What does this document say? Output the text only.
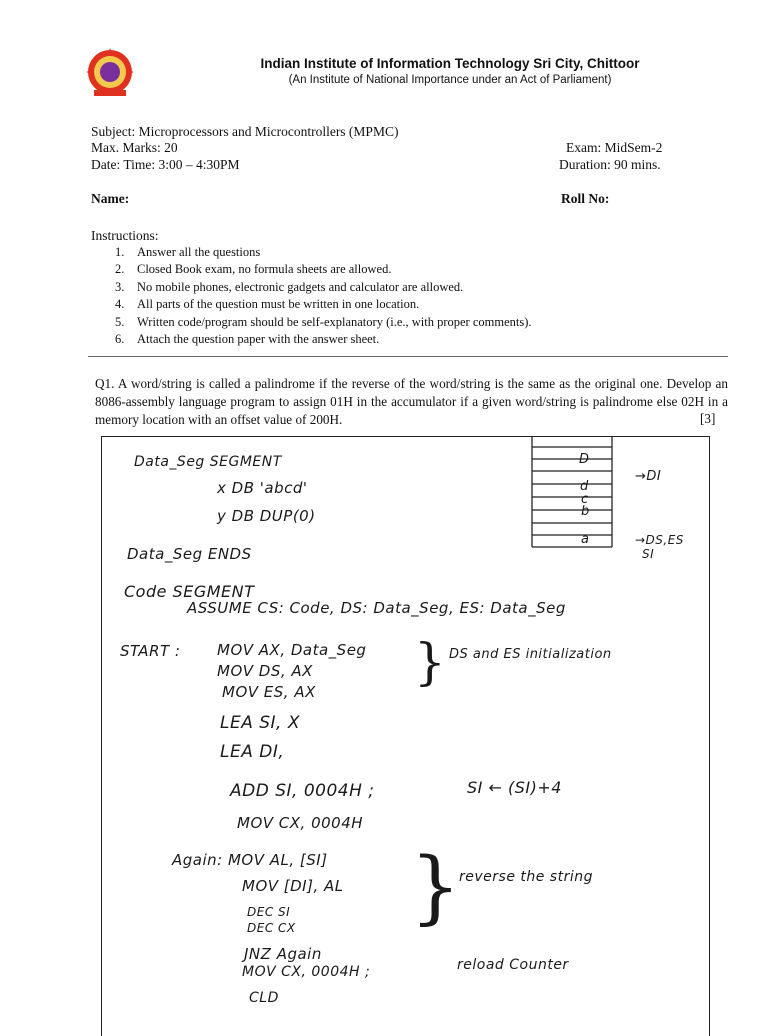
Indian Institute of Information Technology Sri City, Chittoor
(An Institute of National Importance under an Act of Parliament)
Subject: Microprocessors and Microcontrollers (MPMC)
Max. Marks: 20	Exam: MidSem-2
Date: Time: 3:00 – 4:30PM	Duration: 90 mins.
Name:	Roll No:
Instructions:
1. Answer all the questions
2. Closed Book exam, no formula sheets are allowed.
3. No mobile phones, electronic gadgets and calculator are allowed.
4. All parts of the question must be written in one location.
5. Written code/program should be self-explanatory (i.e., with proper comments).
6. Attach the question paper with the answer sheet.
Q1. A word/string is called a palindrome if the reverse of the word/string is the same as the original one. Develop an 8086-assembly language program to assign 01H in the accumulator if a given word/string is palindrome else 02H in a memory location with an offset value of 200H.	[3]
D
d
c
b
a
→DI
→DS,ES
SI
Data_Seg SEGMENT
x DB 'abcd'
y DB DUP(0)
Data_Seg ENDS
Code SEGMENT
ASSUME CS: Code, DS: Data_Seg, ES: Data_Seg
START : MOV AX, Data_Seg
MOV DS, AX
MOV ES, AX
LEA SI, X
LEA DI,
ADD SI, 0004H ;	SI ← (SI)+4
MOV CX, 0004H
Again: MOV AL, [SI]
MOV [DI], AL
DEC SI
DEC CX
JNZ Again
MOV CX, 0004H ;	reload Counter
CLD
} DS and ES initialization
}
reverse the string
